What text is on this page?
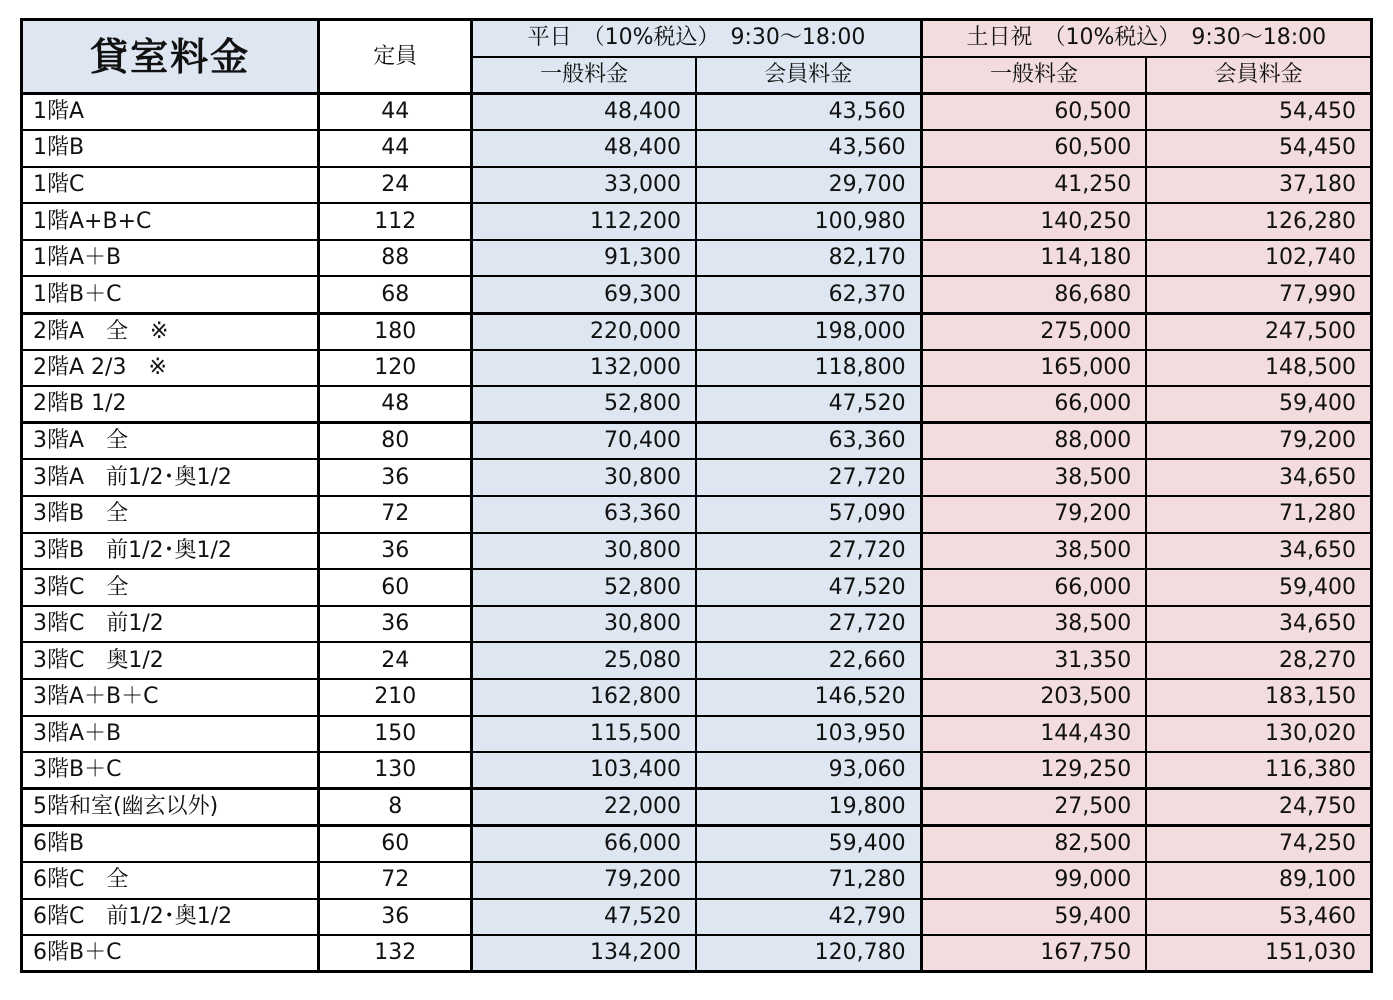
貸室料金	定員	平日　（10%税込）　9:30～18:00		土日祝　（10%税込）　9:30～18:00	
		一般料金	会員料金	一般料金	会員料金
1階A	44	48,400	43,560	60,500	54,450
1階B	44	48,400	43,560	60,500	54,450
1階C	24	33,000	29,700	41,250	37,180
1階A+B+C	112	112,200	100,980	140,250	126,280
1階A＋B	88	91,300	82,170	114,180	102,740
1階B＋C	68	69,300	62,370	86,680	77,990
2階A　全　※	180	220,000	198,000	275,000	247,500
2階A 2/3　※	120	132,000	118,800	165,000	148,500
2階B 1/2	48	52,800	47,520	66,000	59,400
3階A　全	80	70,400	63,360	88,000	79,200
3階A　前1/2･奥1/2	36	30,800	27,720	38,500	34,650
3階B　全	72	63,360	57,090	79,200	71,280
3階B　前1/2･奥1/2	36	30,800	27,720	38,500	34,650
3階C　全	60	52,800	47,520	66,000	59,400
3階C　前1/2	36	30,800	27,720	38,500	34,650
3階C　奥1/2	24	25,080	22,660	31,350	28,270
3階A＋B＋C	210	162,800	146,520	203,500	183,150
3階A＋B	150	115,500	103,950	144,430	130,020
3階B＋C	130	103,400	93,060	129,250	116,380
5階和室(幽玄以外)	8	22,000	19,800	27,500	24,750
6階B	60	66,000	59,400	82,500	74,250
6階C　全	72	79,200	71,280	99,000	89,100
6階C　前1/2･奥1/2	36	47,520	42,790	59,400	53,460
6階B＋C	132	134,200	120,780	167,750	151,030
